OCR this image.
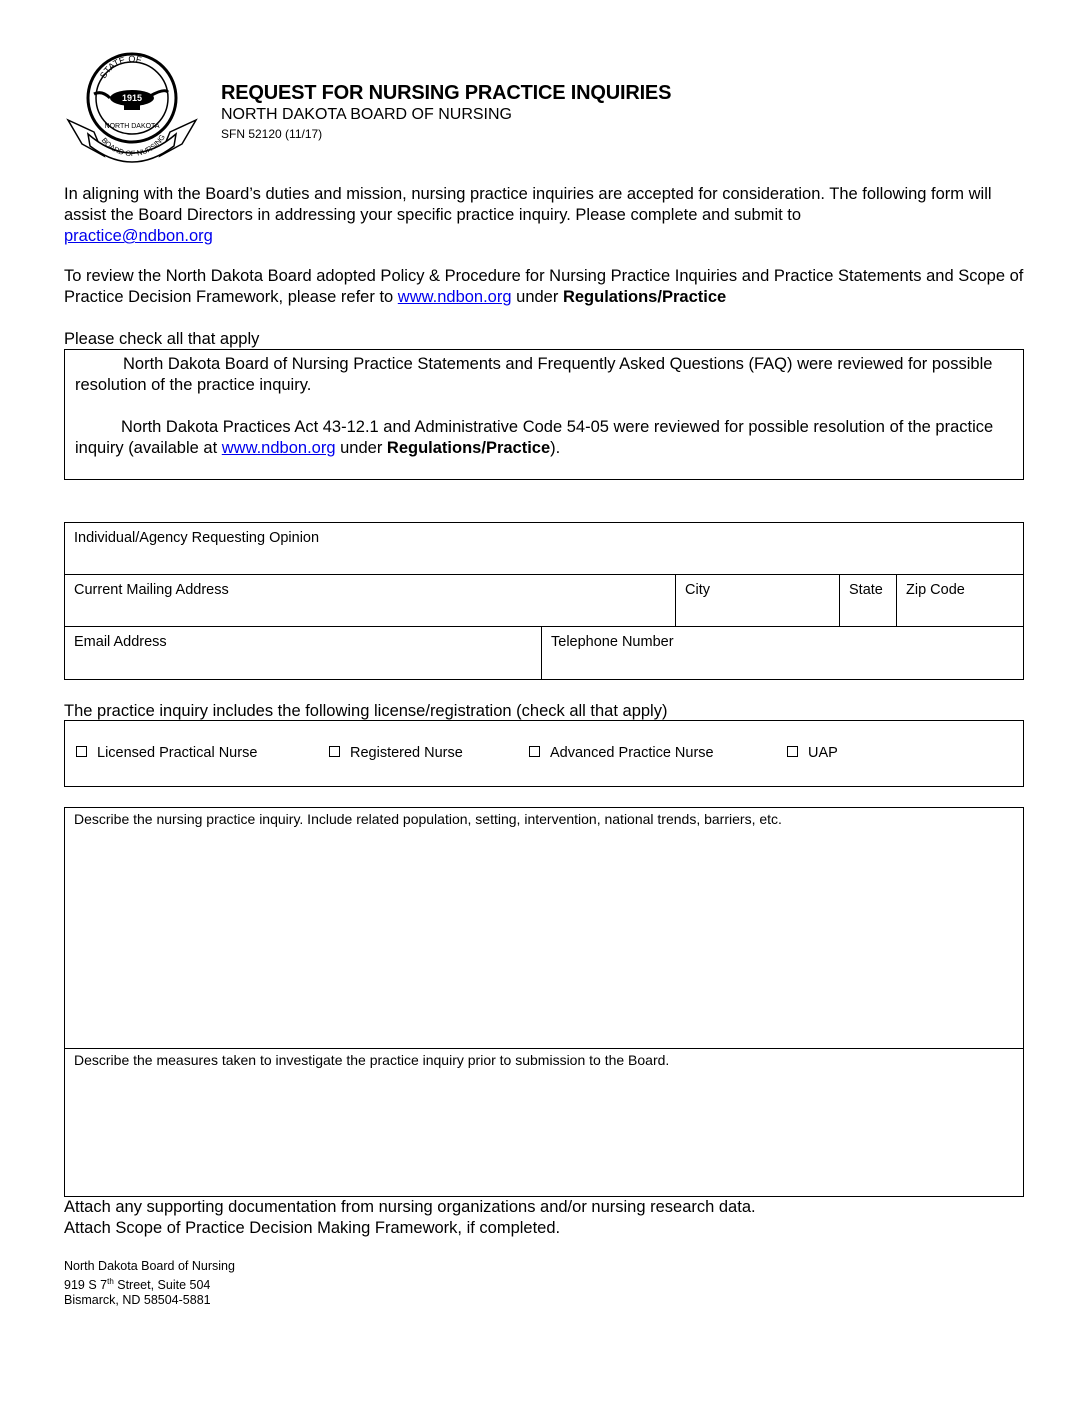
STATE OF
1915
NORTH DAKOTA
BOARD OF NURSING
REQUEST FOR NURSING PRACTICE INQUIRIES
NORTH DAKOTA BOARD OF NURSING
SFN 52120 (11/17)
In aligning with the Board’s duties and mission, nursing practice inquiries are accepted for consideration. The following form will assist the Board Directors in addressing your specific practice inquiry. Please complete and submit to
practice@ndbon.org
To review the North Dakota Board adopted Policy & Procedure for Nursing Practice Inquiries and Practice Statements and Scope of Practice Decision Framework, please refer to www.ndbon.org under Regulations/Practice
Please check all that apply
North Dakota Board of Nursing Practice Statements and Frequently Asked Questions (FAQ) were reviewed for possible resolution of the practice inquiry.
North Dakota Practices Act 43-12.1 and Administrative Code 54-05 were reviewed for possible resolution of the practice inquiry (available at www.ndbon.org under Regulations/Practice).
Individual/Agency Requesting Opinion
Current Mailing Address	City	State	Zip Code
Email Address	Telephone Number
The practice inquiry includes the following license/registration (check all that apply)
Licensed Practical Nurse	Registered Nurse	Advanced Practice Nurse	UAP
Describe the nursing practice inquiry. Include related population, setting, intervention, national trends, barriers, etc.
Describe the measures taken to investigate the practice inquiry prior to submission to the Board.
Attach any supporting documentation from nursing organizations and/or nursing research data.
Attach Scope of Practice Decision Making Framework, if completed.
North Dakota Board of Nursing
919 S 7th Street, Suite 504
Bismarck, ND 58504-5881
